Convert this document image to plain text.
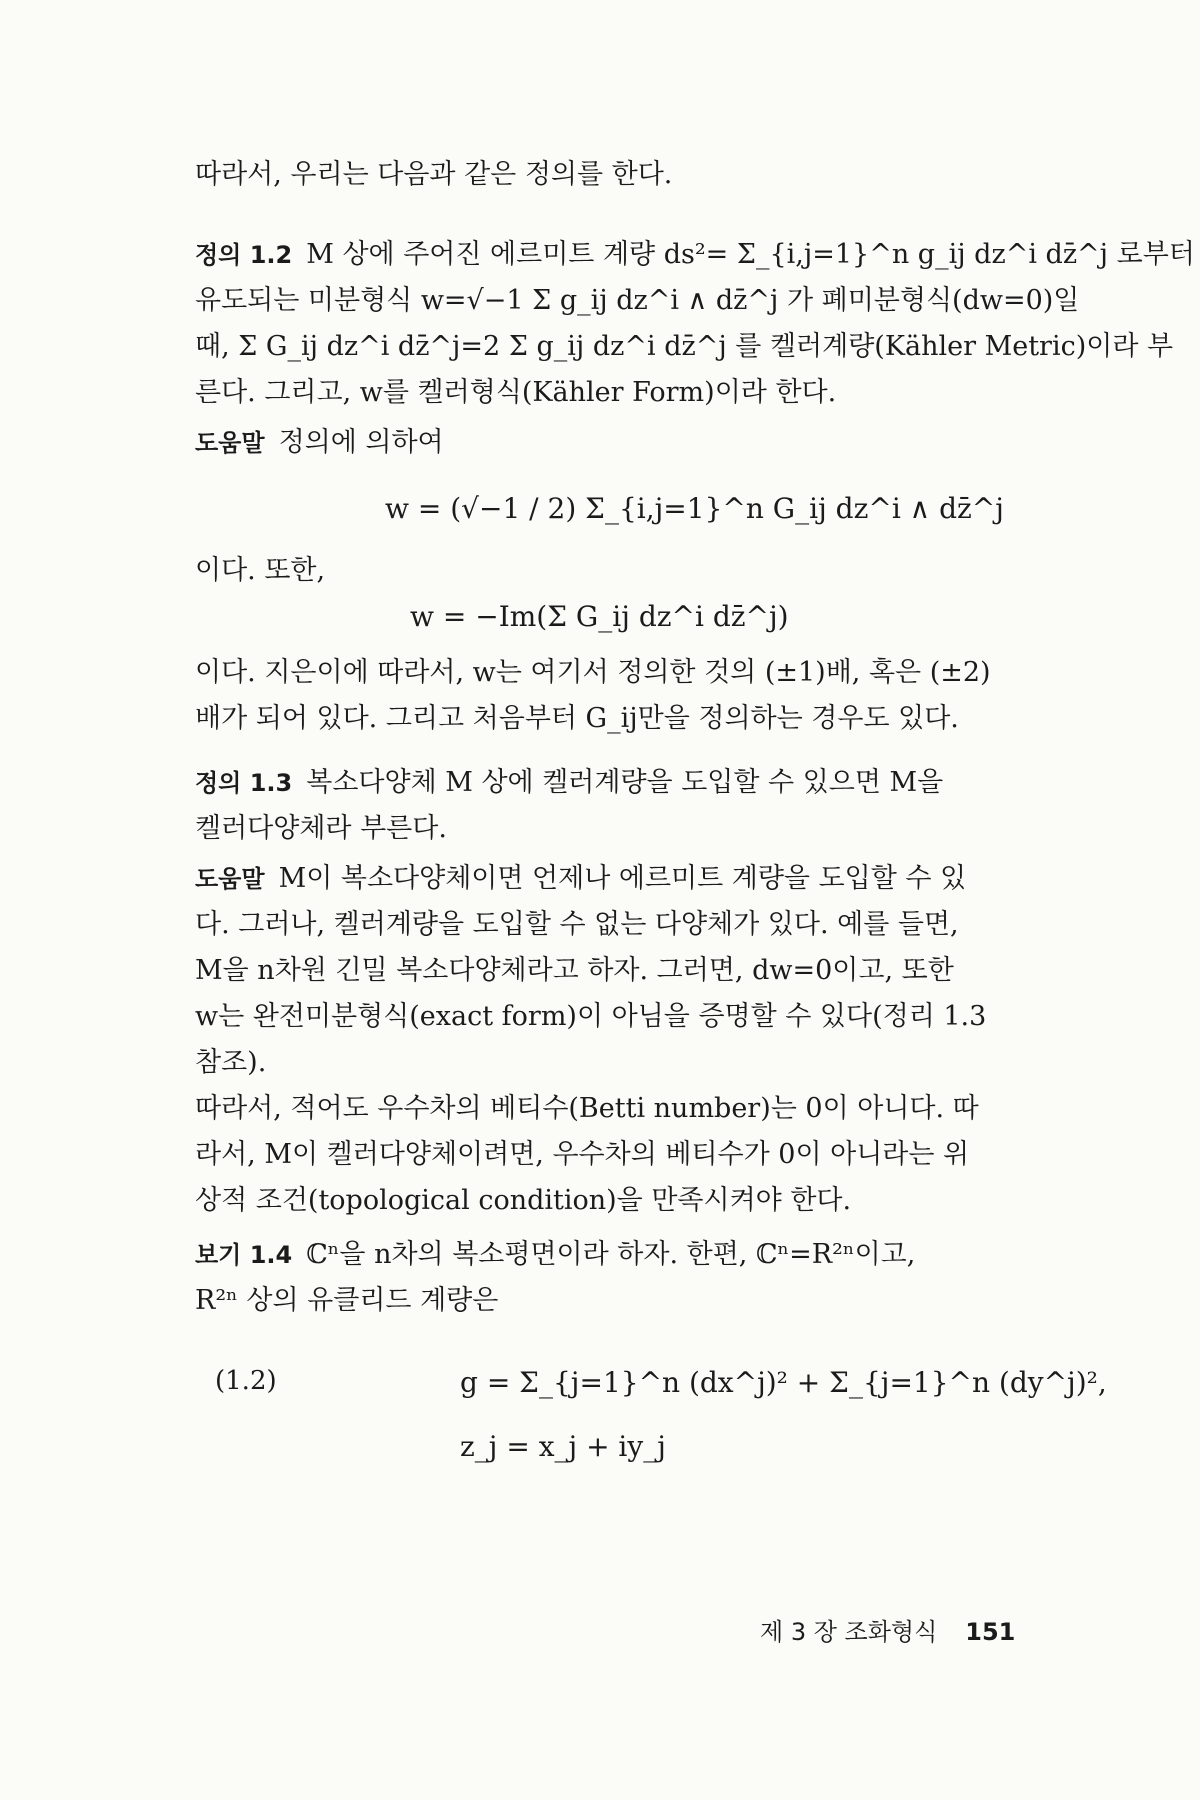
따라서, 우리는 다음과 같은 정의를 한다.
정의 1.2 M 상에 주어진 에르미트 계량 ds²= Σ_{i,j=1}^n g_ij dz^i dz̄^j 로부터
유도되는 미분형식 w=√−1 Σ g_ij dz^i ∧ dz̄^j 가 폐미분형식(dw=0)일
때, Σ G_ij dz^i dz̄^j=2 Σ g_ij dz^i dz̄^j 를 켈러계량(Kähler Metric)이라 부
른다. 그리고, w를 켈러형식(Kähler Form)이라 한다.
도움말 정의에 의하여
w = (√−1 / 2) Σ_{i,j=1}^n G_ij dz^i ∧ dz̄^j
이다. 또한,
w = −Im(Σ G_ij dz^i dz̄^j)
이다. 지은이에 따라서, w는 여기서 정의한 것의 (±1)배, 혹은 (±2)
배가 되어 있다. 그리고 처음부터 G_ij만을 정의하는 경우도 있다.
정의 1.3 복소다양체 M 상에 켈러계량을 도입할 수 있으면 M을
켈러다양체라 부른다.
도움말 M이 복소다양체이면 언제나 에르미트 계량을 도입할 수 있
다. 그러나, 켈러계량을 도입할 수 없는 다양체가 있다. 예를 들면,
M을 n차원 긴밀 복소다양체라고 하자. 그러면, dw=0이고, 또한
w는 완전미분형식(exact form)이 아님을 증명할 수 있다(정리 1.3
참조).
따라서, 적어도 우수차의 베티수(Betti number)는 0이 아니다. 따
라서, M이 켈러다양체이려면, 우수차의 베티수가 0이 아니라는 위
상적 조건(topological condition)을 만족시켜야 한다.
보기 1.4 ℂⁿ을 n차의 복소평면이라 하자. 한편, ℂⁿ=R²ⁿ이고,
R²ⁿ 상의 유클리드 계량은
(1.2)	g = Σ_{j=1}^n (dx^j)² + Σ_{j=1}^n (dy^j)²,
z_j = x_j + iy_j
제 3 장 조화형식 151
